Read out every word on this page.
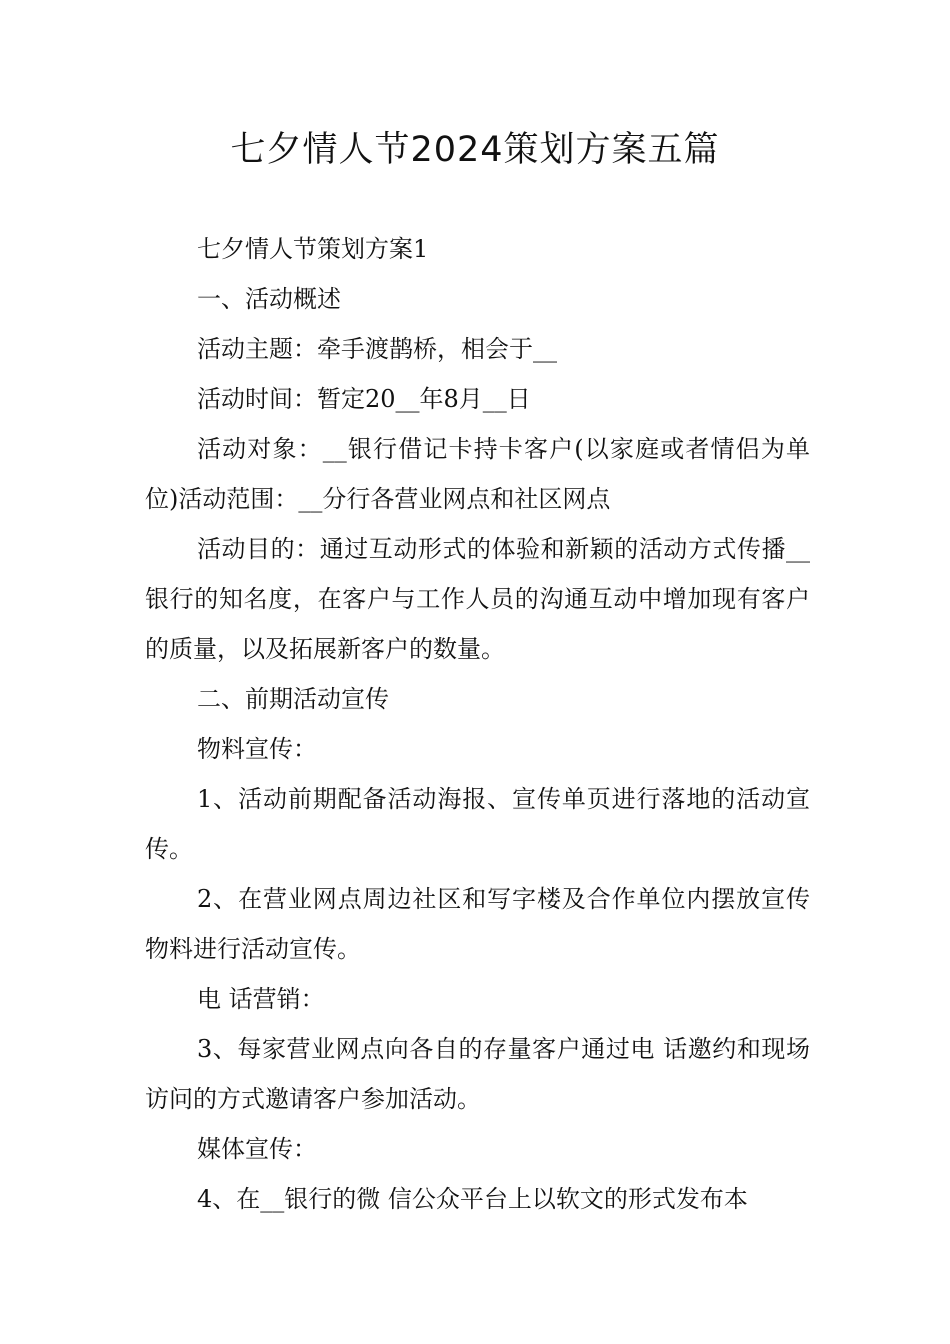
七夕情人节2024策划方案五篇

七夕情人节策划方案1

一、活动概述

活动主题：牵手渡鹊桥，相会于__

活动时间：暂定20__年8月__日

活动对象：__银行借记卡持卡客户(以家庭或者情侣为单位)活动范围：__分行各营业网点和社区网点

活动目的：通过互动形式的体验和新颖的活动方式传播__银行的知名度，在客户与工作人员的沟通互动中增加现有客户的质量，以及拓展新客户的数量。

二、前期活动宣传

物料宣传：

1、活动前期配备活动海报、宣传单页进行落地的活动宣传。

2、在营业网点周边社区和写字楼及合作单位内摆放宣传物料进行活动宣传。

电 话营销：

3、每家营业网点向各自的存量客户通过电 话邀约和现场访问的方式邀请客户参加活动。

媒体宣传：

4、在__银行的微 信公众平台上以软文的形式发布本
